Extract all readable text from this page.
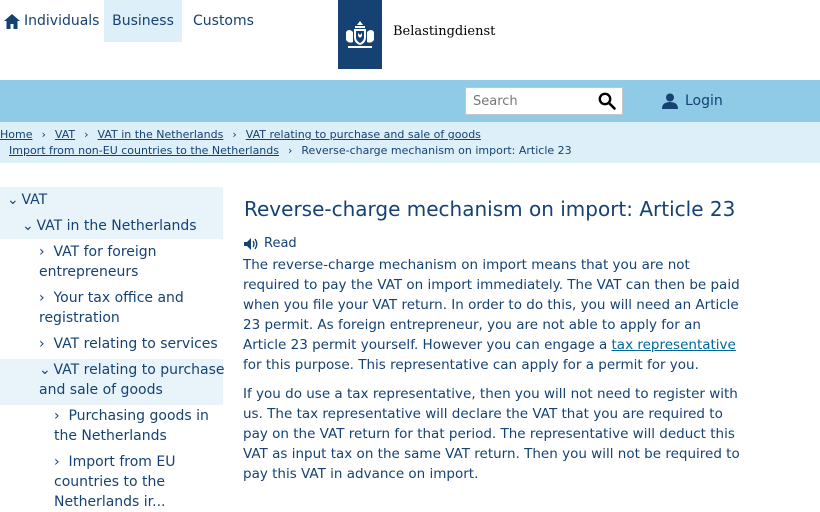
Belastingdienst
Individuals Business	Customs
Search
Login
Home › VAT › VAT in the Netherlands › VAT relating to purchase and sale of goods
Import from non-EU countries to the Netherlands › Reverse-charge mechanism on import: Article 23
⌄ VAT
⌄ VAT in the Netherlands
› VAT for foreign
entrepreneurs
› Your tax office and
registration
› VAT relating to services
⌄ VAT relating to purchase
and sale of goods
› Purchasing goods in
the Netherlands
› Import from EU
countries to the
Netherlands ir...
Reverse-charge mechanism on import: Article 23
Read

The reverse-charge mechanism on import means that you are not required to pay the VAT on import immediately. The VAT can then be paid when you file your VAT return. In order to do this, you will need an Article 23 permit. As foreign entrepreneur, you are not able to apply for an Article 23 permit yourself. However you can engage a tax representative for this purpose. This representative can apply for a permit for you.

If you do use a tax representative, then you will not need to register with us. The tax representative will declare the VAT that you are required to pay on the VAT return for that period. The representative will deduct this VAT as input tax on the same VAT return. Then you will not be required to pay this VAT in advance on import.
